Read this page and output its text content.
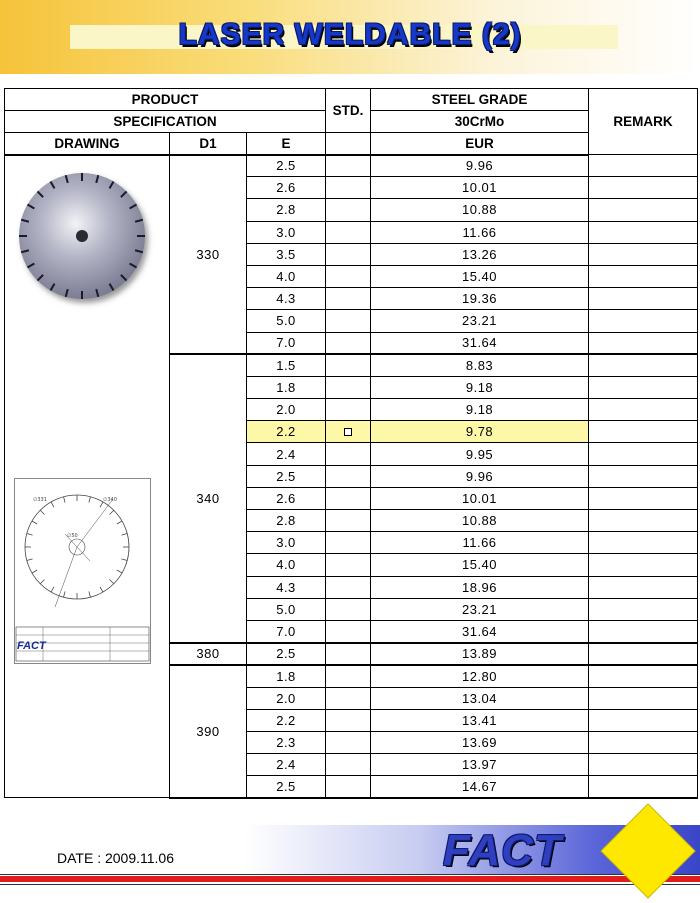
LASER WELDABLE (2)
PRODUCT			STD.	STEEL GRADE	REMARK
SPECIFICATION				30CrMo	
DRAWING	D1	E		EUR	
	330	2.5		9.96	
		2.6		10.01	
		2.8		10.88	
		3.0		11.66	
		3.5		13.26	
		4.0		15.40	
		4.3		19.36	
		5.0		23.21	
		7.0		31.64	
	340	1.5		8.83	
		1.8		9.18	
		2.0		9.18	
		2.2		9.78	
		2.4		9.95	
		2.5		9.96	
		2.6		10.01	
		2.8		10.88	
		3.0		11.66	
		4.0		15.40	
		4.3		18.96	
		5.0		23.21	
		7.0		31.64	
	380	2.5		13.89	
	390	1.8		12.80	
		2.0		13.04	
		2.2		13.41	
		2.3		13.69	
		2.4		13.97	
		2.5		14.67	
∅331	∅340
∅50
FACT
DATE : 2009.11.06	FACT
